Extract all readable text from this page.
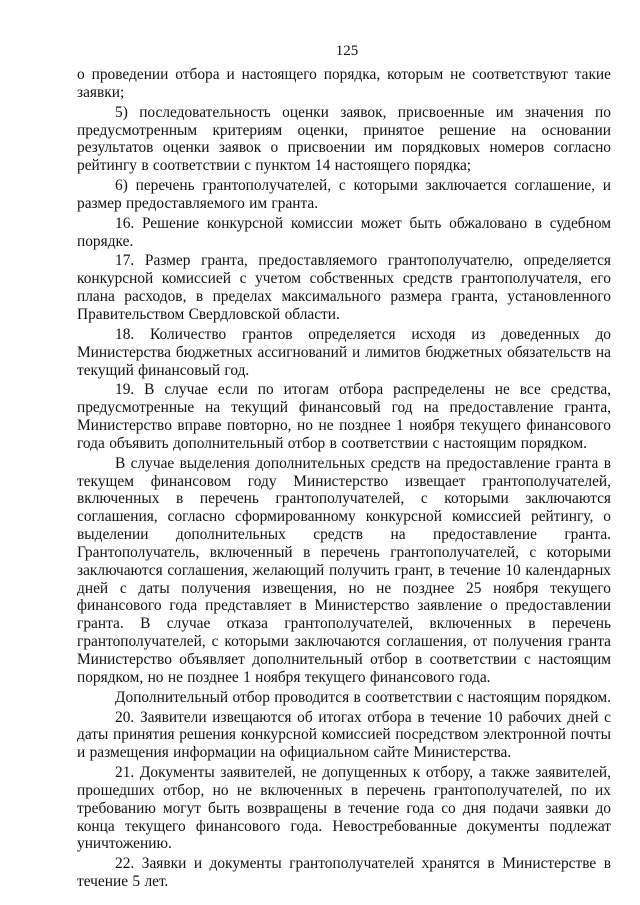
125

о проведении отбора и настоящего порядка, которым не соответствуют такие заявки;

5) последовательность оценки заявок, присвоенные им значения по предусмотренным критериям оценки, принятое решение на основании результатов оценки заявок о присвоении им порядковых номеров согласно рейтингу в соответствии с пунктом 14 настоящего порядка;

6) перечень грантополучателей, с которыми заключается соглашение, и размер предоставляемого им гранта.

16. Решение конкурсной комиссии может быть обжаловано в судебном порядке.

17. Размер гранта, предоставляемого грантополучателю, определяется конкурсной комиссией с учетом собственных средств грантополучателя, его плана расходов, в пределах максимального размера гранта, установленного Правительством Свердловской области.

18. Количество грантов определяется исходя из доведенных до Министерства бюджетных ассигнований и лимитов бюджетных обязательств на текущий финансовый год.

19. В случае если по итогам отбора распределены не все средства, предусмотренные на текущий финансовый год на предоставление гранта, Министерство вправе повторно, но не позднее 1 ноября текущего финансового года объявить дополнительный отбор в соответствии с настоящим порядком.

В случае выделения дополнительных средств на предоставление гранта в текущем финансовом году Министерство извещает грантополучателей, включенных в перечень грантополучателей, с которыми заключаются соглашения, согласно сформированному конкурсной комиссией рейтингу, о выделении дополнительных средств на предоставление гранта. Грантополучатель, включенный в перечень грантополучателей, с которыми заключаются соглашения, желающий получить грант, в течение 10 календарных дней с даты получения извещения, но не позднее 25 ноября текущего финансового года представляет в Министерство заявление о предоставлении гранта. В случае отказа грантополучателей, включенных в перечень грантополучателей, с которыми заключаются соглашения, от получения гранта Министерство объявляет дополнительный отбор в соответствии с настоящим порядком, но не позднее 1 ноября текущего финансового года.

Дополнительный отбор проводится в соответствии с настоящим порядком.

20. Заявители извещаются об итогах отбора в течение 10 рабочих дней с даты принятия решения конкурсной комиссией посредством электронной почты и размещения информации на официальном сайте Министерства.

21. Документы заявителей, не допущенных к отбору, а также заявителей, прошедших отбор, но не включенных в перечень грантополучателей, по их требованию могут быть возвращены в течение года со дня подачи заявки до конца текущего финансового года. Невостребованные документы подлежат уничтожению.

22. Заявки и документы грантополучателей хранятся в Министерстве в течение 5 лет.
